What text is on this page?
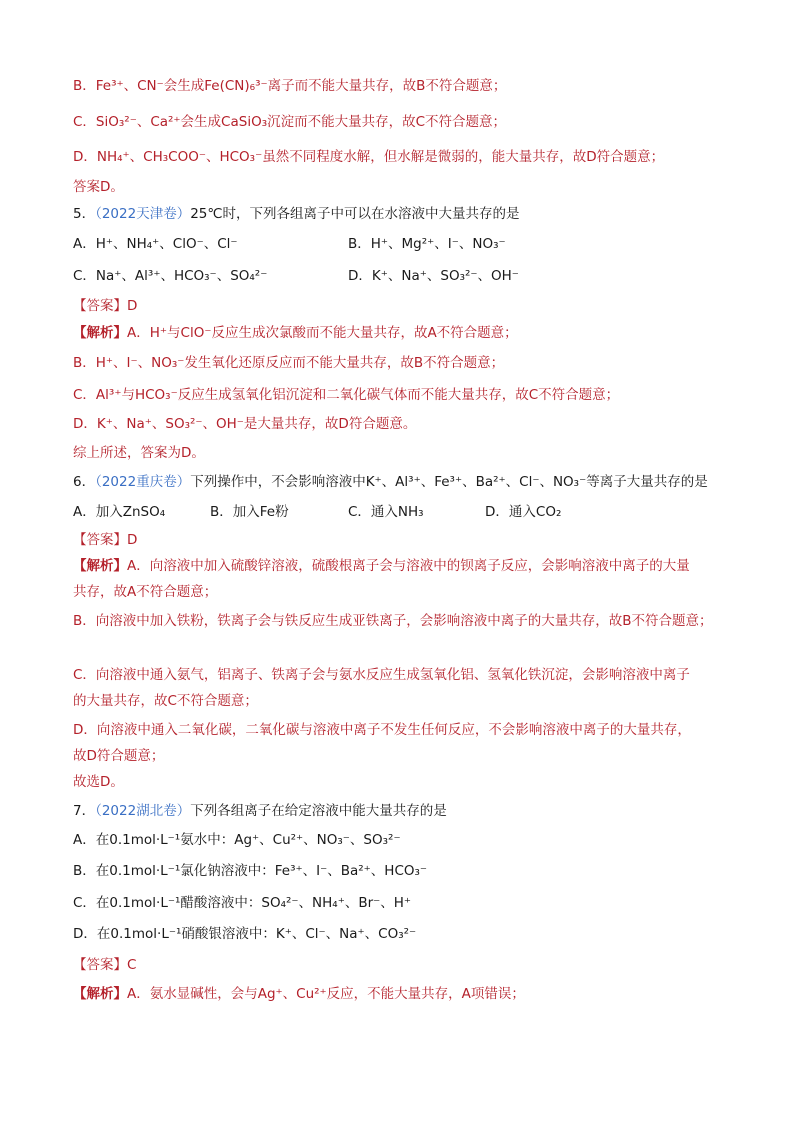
B．Fe³⁺、CN⁻会生成Fe(CN)₆³⁻离子而不能大量共存，故B不符合题意；
C．SiO₃²⁻、Ca²⁺会生成CaSiO₃沉淀而不能大量共存，故C不符合题意；
D．NH₄⁺、CH₃COO⁻、HCO₃⁻虽然不同程度水解，但水解是微弱的，能大量共存，故D符合题意；
答案D。
5．（2022天津卷）25℃时，下列各组离子中可以在水溶液中大量共存的是
A．H⁺、NH₄⁺、ClO⁻、Cl⁻	B．H⁺、Mg²⁺、I⁻、NO₃⁻
C．Na⁺、Al³⁺、HCO₃⁻、SO₄²⁻	D．K⁺、Na⁺、SO₃²⁻、OH⁻
【答案】D
【解析】A．H⁺与ClO⁻反应生成次氯酸而不能大量共存，故A不符合题意；
B．H⁺、I⁻、NO₃⁻发生氧化还原反应而不能大量共存，故B不符合题意；
C．Al³⁺与HCO₃⁻反应生成氢氧化铝沉淀和二氧化碳气体而不能大量共存，故C不符合题意；
D．K⁺、Na⁺、SO₃²⁻、OH⁻是大量共存，故D符合题意。
综上所述，答案为D。
6．（2022重庆卷）下列操作中，不会影响溶液中K⁺、Al³⁺、Fe³⁺、Ba²⁺、Cl⁻、NO₃⁻等离子大量共存的是
A．加入ZnSO₄	B．加入Fe粉	C．通入NH₃	D．通入CO₂
【答案】D
【解析】A．向溶液中加入硫酸锌溶液，硫酸根离子会与溶液中的钡离子反应，会影响溶液中离子的大量
共存，故A不符合题意；
B．向溶液中加入铁粉，铁离子会与铁反应生成亚铁离子，会影响溶液中离子的大量共存，故B不符合题意；
C．向溶液中通入氨气，铝离子、铁离子会与氨水反应生成氢氧化铝、氢氧化铁沉淀，会影响溶液中离子
的大量共存，故C不符合题意；
D．向溶液中通入二氧化碳，二氧化碳与溶液中离子不发生任何反应，不会影响溶液中离子的大量共存，
故D符合题意；
故选D。
7．（2022湖北卷）下列各组离子在给定溶液中能大量共存的是
A．在0.1mol·L⁻¹氨水中：Ag⁺、Cu²⁺、NO₃⁻、SO₃²⁻
B．在0.1mol·L⁻¹氯化钠溶液中：Fe³⁺、I⁻、Ba²⁺、HCO₃⁻
C．在0.1mol·L⁻¹醋酸溶液中：SO₄²⁻、NH₄⁺、Br⁻、H⁺
D．在0.1mol·L⁻¹硝酸银溶液中：K⁺、Cl⁻、Na⁺、CO₃²⁻
【答案】C
【解析】A．氨水显碱性，会与Ag⁺、Cu²⁺反应，不能大量共存，A项错误；
